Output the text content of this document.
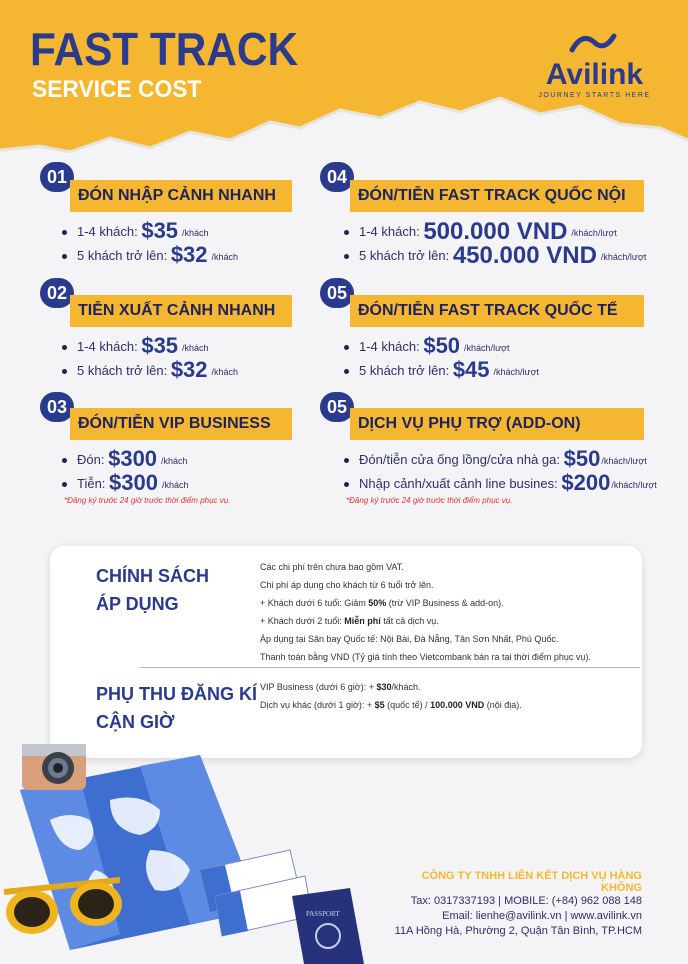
FAST TRACK
SERVICE COST	Avilink
JOURNEY STARTS HERE
01
ĐÓN NHẬP CẢNH NHANH
1-4 khách: $35 /khách
5 khách trở lên: $32 /khách
02
TIỄN XUẤT CẢNH NHANH
1-4 khách: $35 /khách
5 khách trở lên: $32 /khách
03
ĐÓN/TIỄN VIP BUSINESS
Đón: $300 /khách
Tiễn: $300 /khách
*Đăng ký trước 24 giờ trước thời điểm phục vụ.
04
ĐÓN/TIỄN FAST TRACK QUỐC NỘI
1-4 khách: 500.000 VND /khách/lượt
5 khách trở lên: 450.000 VND /khách/lượt
05
ĐÓN/TIỄN FAST TRACK QUỐC TẾ
1-4 khách: $50 /khách/lượt
5 khách trở lên: $45 /khách/lượt
05
DỊCH VỤ PHỤ TRỢ (ADD-ON)
Đón/tiễn cửa ống lồng/cửa nhà ga: $50/khách/lượt
Nhập cảnh/xuất cảnh line busines: $200/khách/lượt
*Đăng ký trước 24 giờ trước thời điểm phục vụ.
CHÍNH SÁCH
ÁP DỤNG
Các chi phí trên chưa bao gồm VAT.
Chi phí áp dụng cho khách từ 6 tuổi trở lên.
+ Khách dưới 6 tuổi: Giảm 50% (trừ VIP Business & add-on).
+ Khách dưới 2 tuổi: Miễn phí tất cả dịch vụ.
Áp dụng tại Sân bay Quốc tế: Nội Bài, Đà Nẵng, Tân Sơn Nhất, Phú Quốc.
Thanh toán bằng VND (Tỷ giá tính theo Vietcombank bán ra tại thời điểm phục vụ).
PHỤ THU ĐĂNG KÍ
CẬN GIỜ
VIP Business (dưới 6 giờ): + $30/khách.
Dịch vụ khác (dưới 1 giờ): + $5 (quốc tế) / 100.000 VND (nội địa).
PASSPORT
CÔNG TY TNHH LIÊN KẾT DỊCH VỤ HÀNG KHÔNG
Tax: 0317337193 | MOBILE: (+84) 962 088 148
Email: lienhe@avilink.vn | www.avilink.vn
11A Hồng Hà, Phường 2, Quận Tân Bình, TP.HCM
